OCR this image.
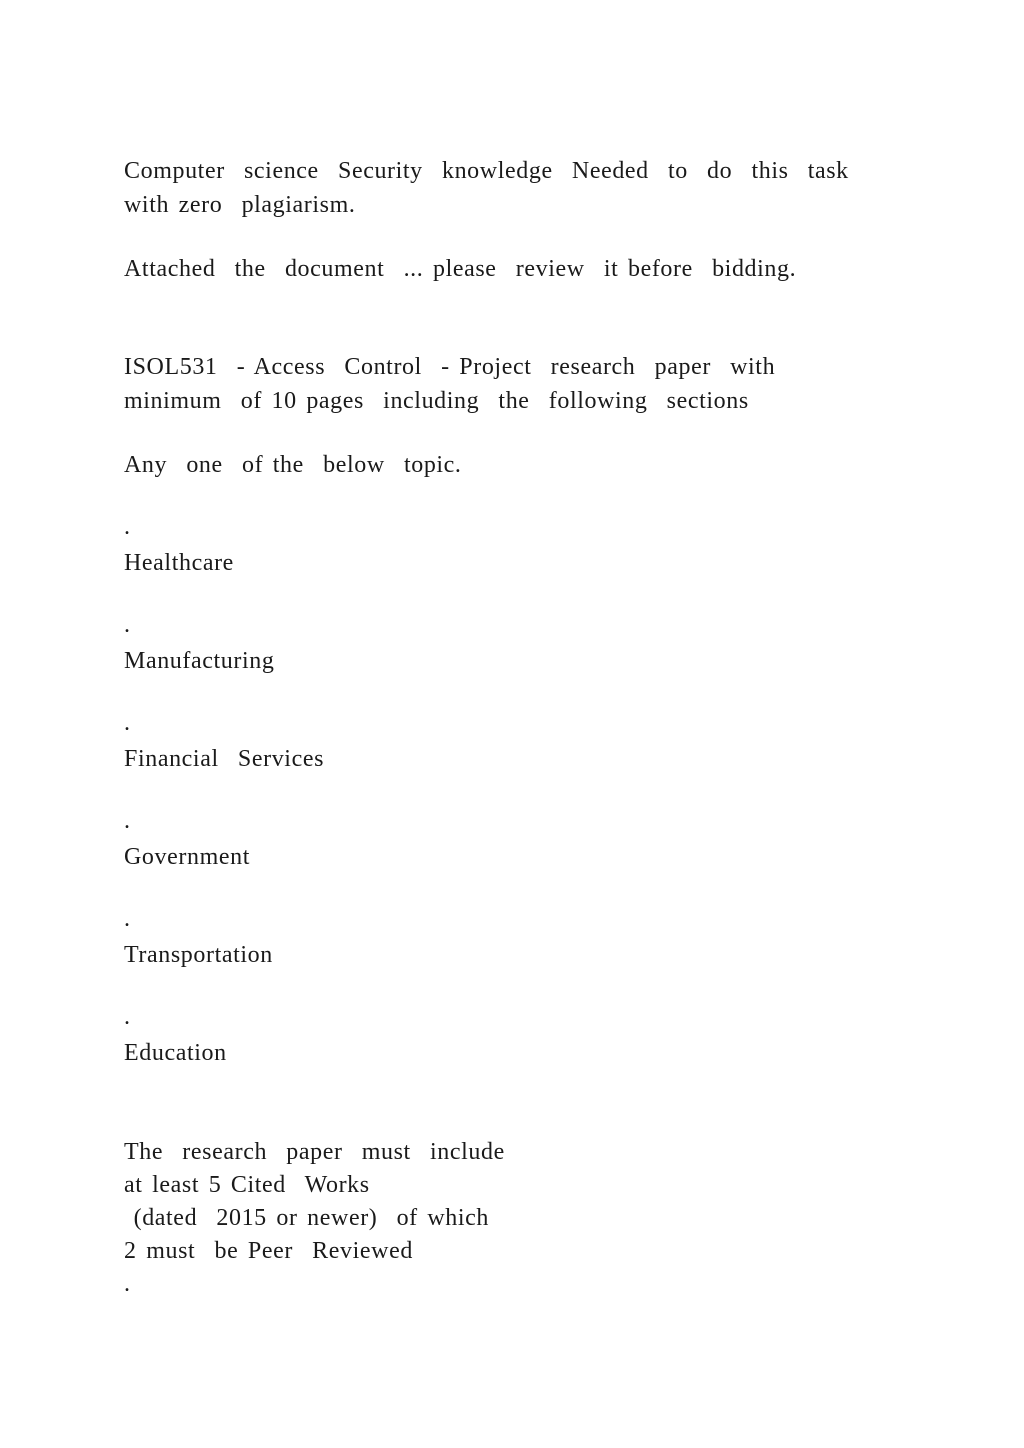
Computer  science  Security  knowledge  Needed  to  do  this  task

with zero  plagiarism.

Attached  the  document  ... please  review  it before  bidding.

ISOL531  - Access  Control  - Project  research  paper  with

minimum  of 10 pages  including  the  following  sections

Any  one  of the  below  topic.

.

Healthcare

.

Manufacturing

.

Financial  Services

.

Government

.

Transportation

.

Education

The  research  paper  must  include

at least 5 Cited  Works

(dated  2015 or newer)  of which

2 must  be Peer  Reviewed

.
